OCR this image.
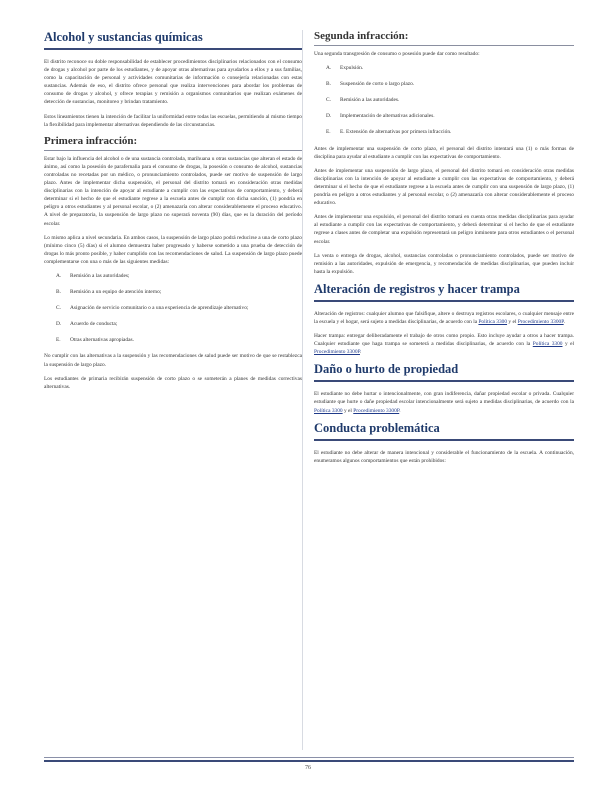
Alcohol y sustancias químicas

El distrito reconoce su doble responsabilidad de establecer procedimientos disciplinarios relacionados con el consumo de drogas y alcohol por parte de los estudiantes, y de apoyar otras alternativas para ayudarlos a ellos y a sus familias, como la capacitación de personal y actividades comunitarias de información o consejería relacionadas con estas sustancias. Además de eso, el distrito ofrece personal que realiza intervenciones para abordar los problemas de consumo de drogas y alcohol, y ofrece terapias y remisión a organismos comunitarios que realizan exámenes de detección de sustancias, monitoreo y brindan tratamiento.

Estos lineamientos tienen la intención de facilitar la uniformidad entre todas las escuelas, permitiendo al mismo tiempo la flexibilidad para implementar alternativas dependiendo de las circunstancias.

Primera infracción:

Estar bajo la influencia del alcohol o de una sustancia controlada, marihuana u otras sustancias que alteran el estado de ánimo, así como la posesión de parafernalia para el consumo de drogas, la posesión o consumo de alcohol, sustancias controladas no recetadas por un médico, o pronunciamiento controlados, puede ser motivo de suspensión de largo plazo. Antes de implementar dicha suspensión, el personal del distrito tomará en consideración otras medidas disciplinarias con la intención de apoyar al estudiante a cumplir con las expectativas de comportamiento, y deberá determinar si el hecho de que el estudiante regrese a la escuela antes de cumplir con dicha sanción, (1) pondría en peligro a otros estudiantes y al personal escolar, o (2) amenazaría con alterar considerablemente el proceso educativo. A nivel de preparatoria, la suspensión de largo plazo no superará noventa (90) días, que es la duración del período escolar.

Lo mismo aplica a nivel secundaria. En ambos casos, la suspensión de largo plazo podrá reducirse a una de corto plazo (mínimo cinco (5) días) si el alumno demuestra haber progresado y haberse sometido a una prueba de detección de drogas lo más pronto posible, y haber cumplido con las recomendaciones de salud. La suspensión de largo plazo puede complementarse con una o más de las siguientes medidas:

A.	Remisión a las autoridades;
B.	Remisión a un equipo de atención interno;
C.	Asignación de servicio comunitario o a una experiencia de aprendizaje alternativo;
D.	Acuerdo de conducta;
E.	Otras alternativas apropiadas.

No cumplir con las alternativas a la suspensión y las recomendaciones de salud puede ser motivo de que se restablezca la suspensión de largo plazo.

Los estudiantes de primaria recibirán suspensión de corto plazo o se someterán a planes de medidas correctivas alternativas.

Segunda infracción:

Una segunda transgresión de consumo o posesión puede dar como resultado:

A.	Expulsión.
B.	Suspensión de corto o largo plazo.
C.	Remisión a las autoridades.
D.	Implementación de alternativas adicionales.
E.	E. Extensión de alternativas por primera infracción.

Antes de implementar una suspensión de corto plazo, el personal del distrito intentará una (1) o más formas de disciplina para ayudar al estudiante a cumplir con las expectativas de comportamiento.

Antes de implementar una suspensión de largo plazo, el personal del distrito tomará en consideración otras medidas disciplinarias con la intención de apoyar al estudiante a cumplir con las expectativas de comportamiento, y deberá determinar si el hecho de que el estudiante regrese a la escuela antes de cumplir con una suspensión de largo plazo, (1) pondría en peligro a otros estudiantes y al personal escolar, o (2) amenazaría con alterar considerablemente el proceso educativo.

Antes de implementar una expulsión, el personal del distrito tomará en cuenta otras medidas disciplinarias para ayudar al estudiante a cumplir con las expectativas de comportamiento, y deberá determinar si el hecho de que el estudiante regrese a clases antes de completar una expulsión representará un peligro inminente para otros estudiantes o el personal escolar.

La venta o entrega de drogas, alcohol, sustancias controladas o pronunciamiento controlados, puede ser motivo de remisión a las autoridades, expulsión de emergencia, y recomendación de medidas disciplinarias, que pueden incluir hasta la expulsión.

Alteración de registros y hacer trampa

Alteración de registros: cualquier alumno que falsifique, altere o destruya registros escolares, o cualquier mensaje entre la escuela y el hogar, será sujeto a medidas disciplinarias, de acuerdo con la Política 3300 y el Procedimiento 3300P.

Hacer trampa: entregar deliberadamente el trabajo de otros como propio. Esto incluye ayudar a otros a hacer trampa. Cualquier estudiante que haga trampa se someterá a medidas disciplinarias, de acuerdo con la Política 3300 y el Procedimiento 3300P.

Daño o hurto de propiedad

El estudiante no debe hurtar o intencionalmente, con gran indiferencia, dañar propiedad escolar o privada. Cualquier estudiante que hurte o dañe propiedad escolar intencionalmente será sujeto a medidas disciplinarias, de acuerdo con la Política 3300 y el Procedimiento 3300P.

Conducta problemática

El estudiante no debe alterar de manera intencional y considerable el funcionamiento de la escuela. A continuación, enumeramos algunos comportamientos que están prohibidos:

76
